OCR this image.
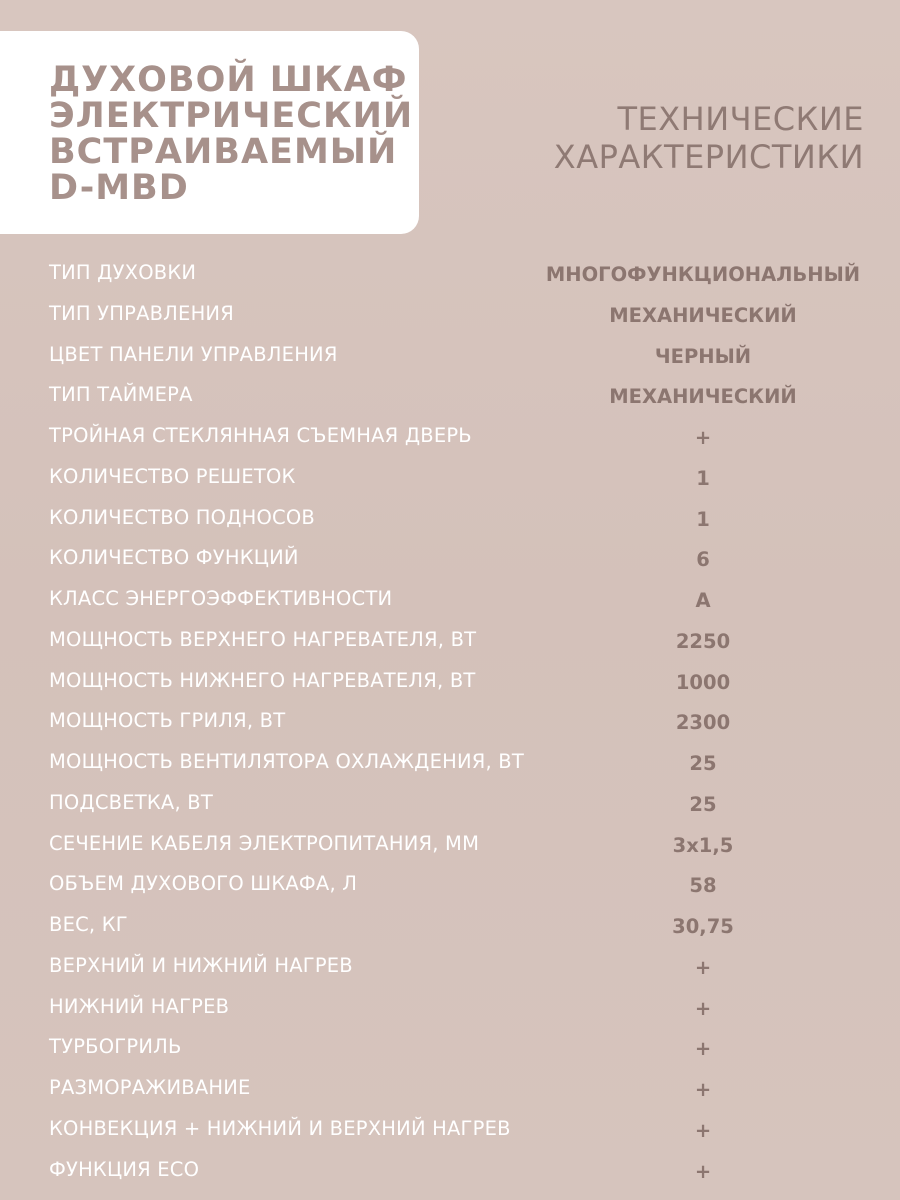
ДУХОВОЙ ШКАФ
ЭЛЕКТРИЧЕСКИЙ
ВСТРАИВАЕМЫЙ
D-MBD
ТЕХНИЧЕСКИЕ
ХАРАКТЕРИСТИКИ
ТИП ДУХОВКИ	МНОГОФУНКЦИОНАЛЬНЫЙ
ТИП УПРАВЛЕНИЯ	МЕХАНИЧЕСКИЙ
ЦВЕТ ПАНЕЛИ УПРАВЛЕНИЯ	ЧЕРНЫЙ
ТИП ТАЙМЕРА	МЕХАНИЧЕСКИЙ
ТРОЙНАЯ СТЕКЛЯННАЯ СЪЕМНАЯ ДВЕРЬ	+
КОЛИЧЕСТВО РЕШЕТОК	1
КОЛИЧЕСТВО ПОДНОСОВ	1
КОЛИЧЕСТВО ФУНКЦИЙ	6
КЛАСС ЭНЕРГОЭФФЕКТИВНОСТИ	A
МОЩНОСТЬ ВЕРХНЕГО НАГРЕВАТЕЛЯ, ВТ	2250
МОЩНОСТЬ НИЖНЕГО НАГРЕВАТЕЛЯ, ВТ	1000
МОЩНОСТЬ ГРИЛЯ, ВТ	2300
МОЩНОСТЬ ВЕНТИЛЯТОРА ОХЛАЖДЕНИЯ, ВТ	25
ПОДСВЕТКА, ВТ	25
СЕЧЕНИЕ КАБЕЛЯ ЭЛЕКТРОПИТАНИЯ, ММ	3x1,5
ОБЪЕМ ДУХОВОГО ШКАФА, Л	58
ВЕС, КГ	30,75
ВЕРХНИЙ И НИЖНИЙ НАГРЕВ	+
НИЖНИЙ НАГРЕВ	+
ТУРБОГРИЛЬ	+
РАЗМОРАЖИВАНИЕ	+
КОНВЕКЦИЯ + НИЖНИЙ И ВЕРХНИЙ НАГРЕВ	+
ФУНКЦИЯ ECO	+
